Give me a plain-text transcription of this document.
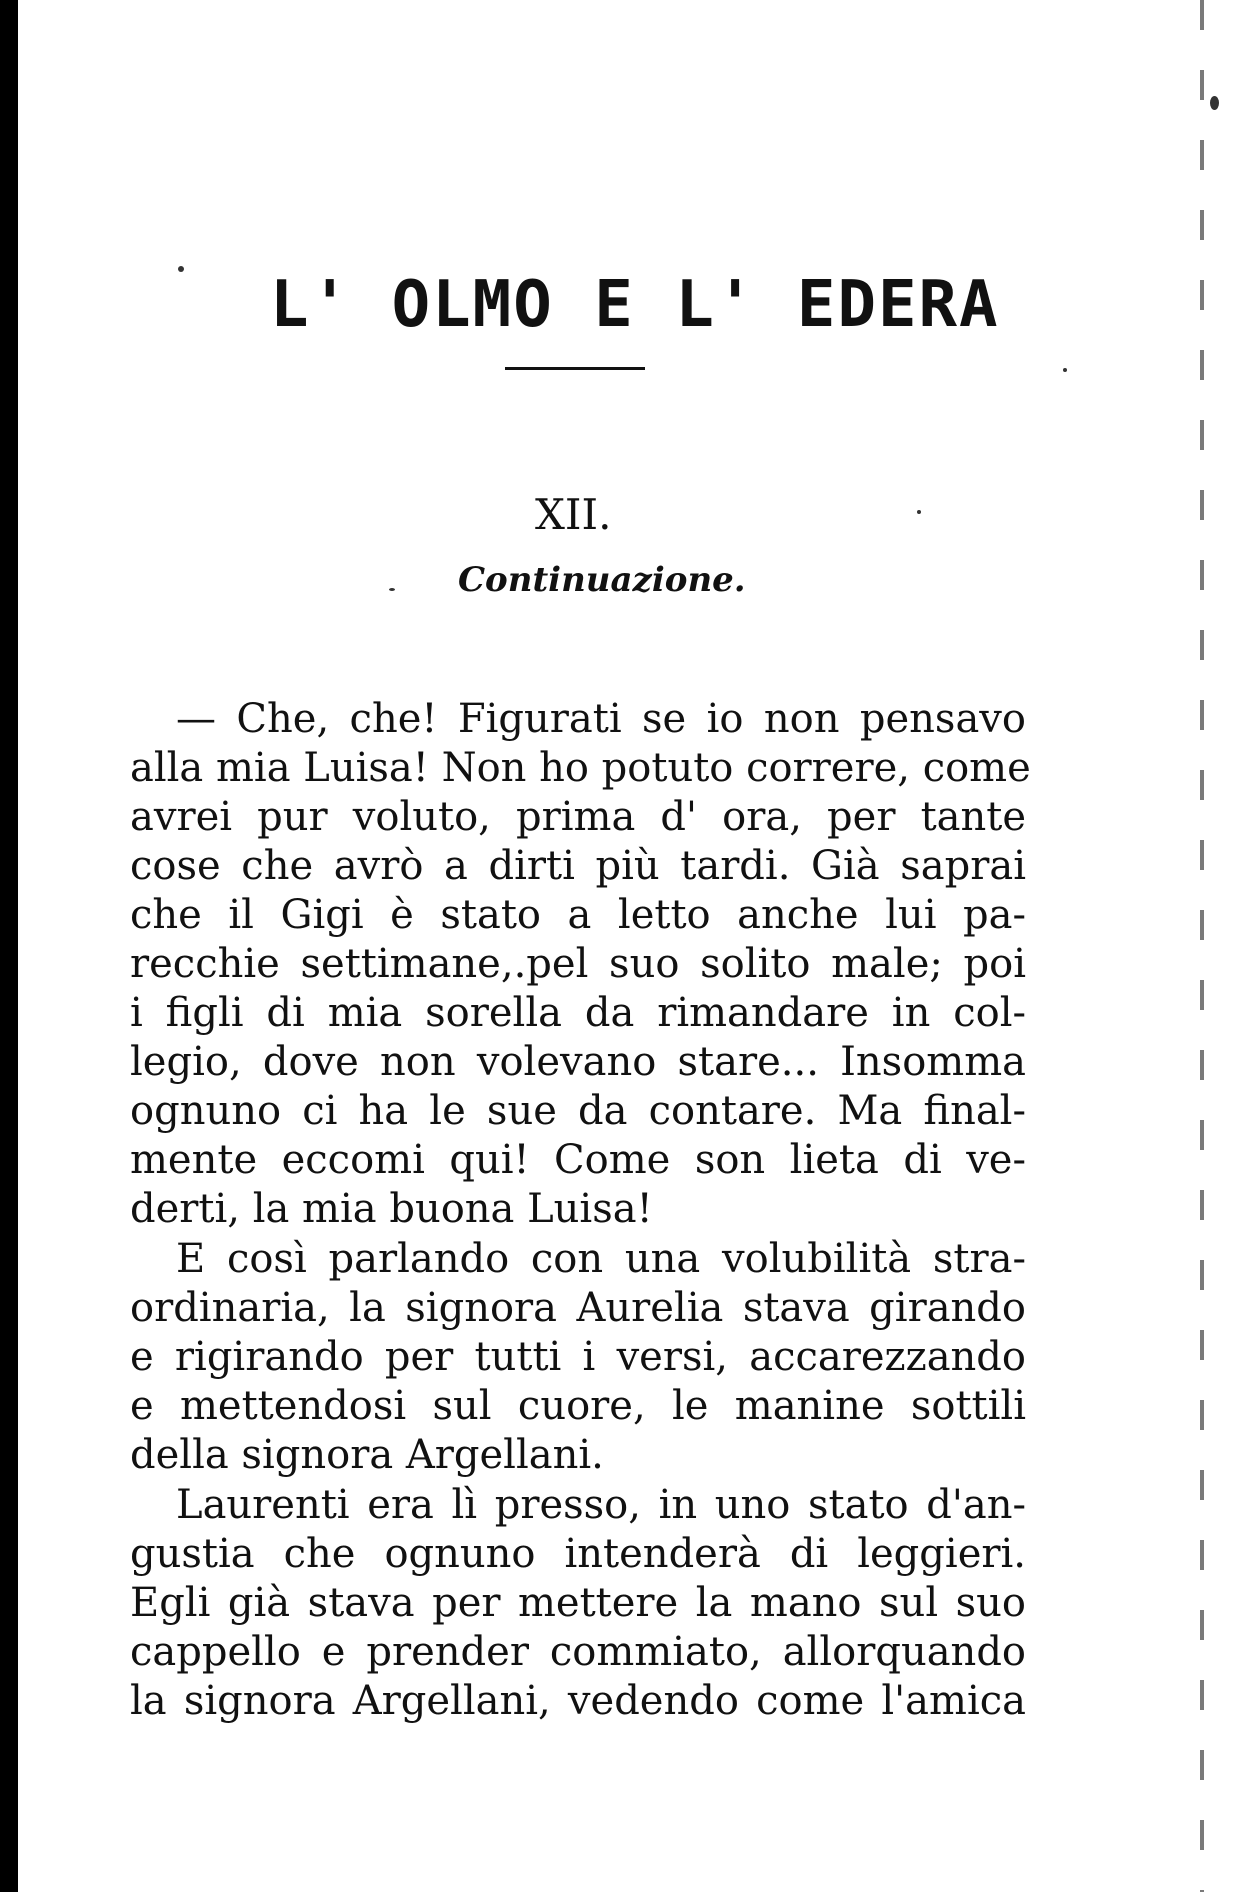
L' OLMO E L' EDERA
XII.
Continuazione.
— Che, che! Figurati se io non pensavo
alla mia Luisa! Non ho potuto correre, come
avrei pur voluto, prima d' ora, per tante
cose che avrò a dirti più tardi. Già saprai
che il Gigi è stato a letto anche lui pa-
recchie settimane,.pel suo solito male; poi
i figli di mia sorella da rimandare in col-
legio, dove non volevano stare... Insomma
ognuno ci ha le sue da contare. Ma final-
mente eccomi qui! Come son lieta di ve-
derti, la mia buona Luisa!
E così parlando con una volubilità stra-
ordinaria, la signora Aurelia stava girando
e rigirando per tutti i versi, accarezzando
e mettendosi sul cuore, le manine sottili
della signora Argellani.
Laurenti era lì presso, in uno stato d'an-
gustia che ognuno intenderà di leggieri.
Egli già stava per mettere la mano sul suo
cappello e prender commiato, allorquando
la signora Argellani, vedendo come l'amica
